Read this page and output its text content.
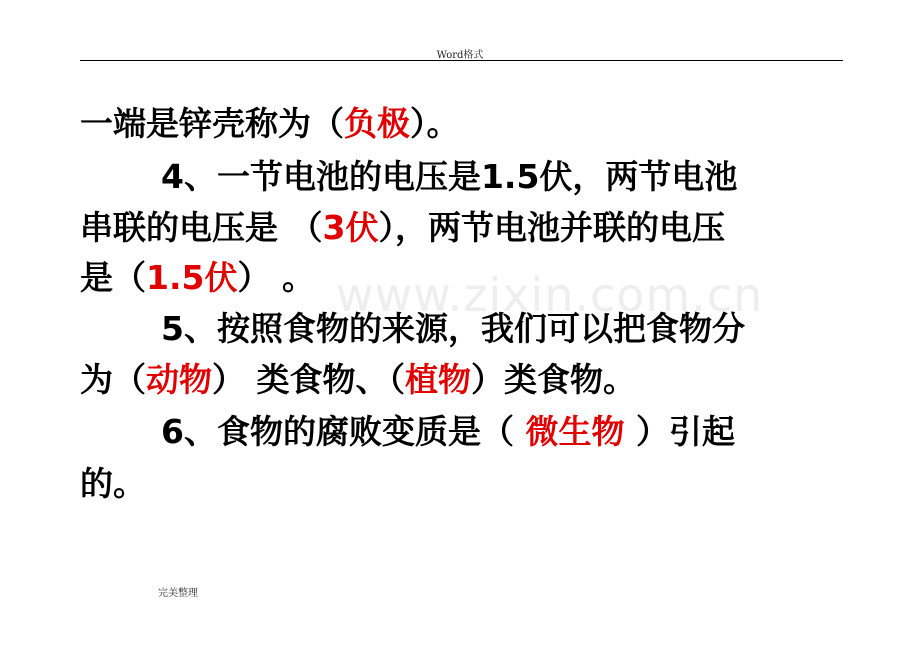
Word格式
www.zixin.com.cn
一端是锌壳称为（负极）。
4、一节电池的电压是1.5伏，两节电池
串联的电压是 （3伏），两节电池并联的电压
是（1.5伏） 。
5、按照食物的来源，我们可以把食物分
为（动物） 类食物、（植物）类食物。
6、食物的腐败变质是（ 微生物 ）引起
的。
完美整理
